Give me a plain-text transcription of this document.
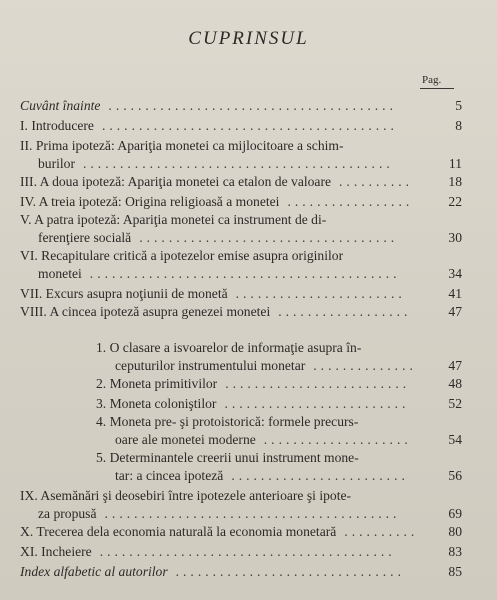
CUPRINSUL
Pag.
Cuvânt înainte	5
.......................................
I. Introducere	8
........................................
II. Prima ipoteză: Apariţia monetei ca mijlocitoare a schim-
burilor	11
..........................................
III. A doua ipoteză: Apariţia monetei ca etalon de valoare	18
..........
IV. A treia ipoteză: Origina religioasă a monetei	22
.................
V. A patra ipoteză: Apariţia monetei ca instrument de di-
ferenţiere socială	30
...................................
VI. Recapitulare critică a ipotezelor emise asupra originilor
monetei	34
..........................................
VII. Excurs asupra noţiunii de monetă	41
.......................
VIII. A cincea ipoteză asupra genezei monetei	47
..................
1. O clasare a isvoarelor de informaţie asupra în-
ceputurilor instrumentului monetar	47
..............
2. Moneta primitivilor	48
.........................
3. Moneta coloniştilor	52
.........................
4. Moneta pre- şi protoistorică: formele precurs-
oare ale monetei moderne	54
....................
5. Determinantele creerii unui instrument mone-
tar: a cincea ipoteză	56
........................
IX. Asemănări şi deosebiri între ipotezele anterioare şi ipote-
za propusă	69
........................................
X. Trecerea dela economia naturală la economia monetară	80
..........
XI. Incheiere	83
........................................
Index alfabetic al autorilor	85
...............................
